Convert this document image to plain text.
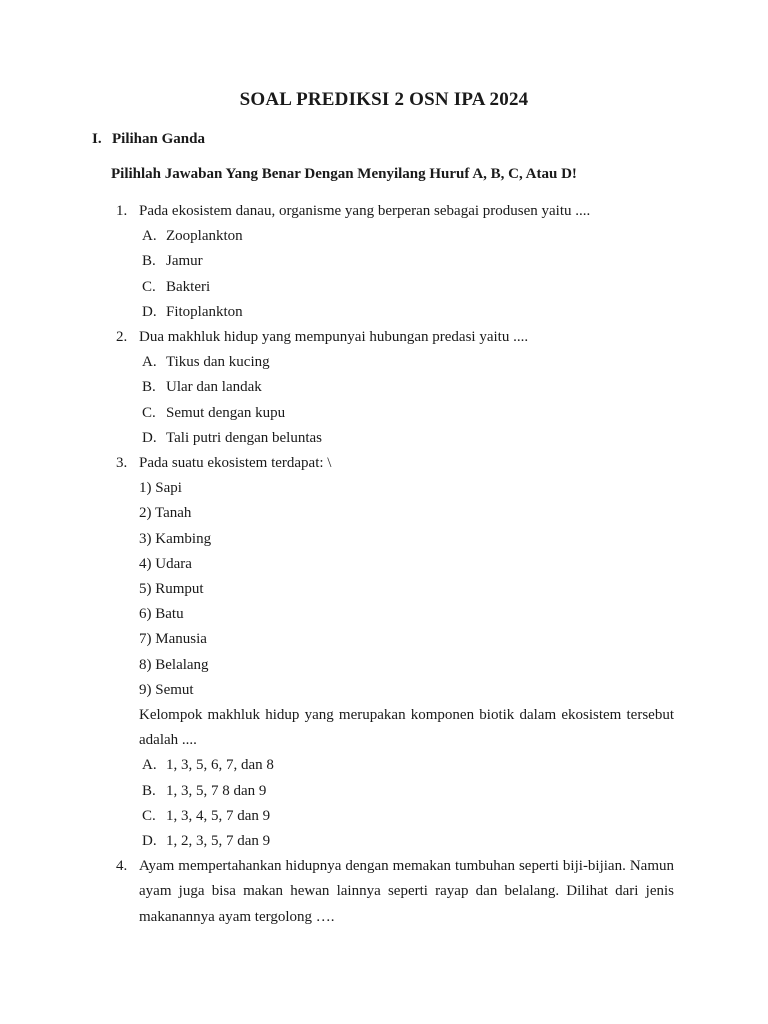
SOAL PREDIKSI 2 OSN IPA 2024
I. Pilihan Ganda
Pilihlah Jawaban Yang Benar Dengan Menyilang Huruf A, B, C, Atau D!
1. Pada ekosistem danau, organisme yang berperan sebagai produsen yaitu ....
A. Zooplankton
B. Jamur
C. Bakteri
D. Fitoplankton
2. Dua makhluk hidup yang mempunyai hubungan predasi yaitu ....
A. Tikus dan kucing
B. Ular dan landak
C. Semut dengan kupu
D. Tali putri dengan beluntas
3. Pada suatu ekosistem terdapat: \
1) Sapi
2) Tanah
3) Kambing
4) Udara
5) Rumput
6) Batu
7) Manusia
8) Belalang
9) Semut
Kelompok makhluk hidup yang merupakan komponen biotik dalam ekosistem tersebut adalah ....
A. 1, 3, 5, 6, 7, dan 8
B. 1, 3, 5, 7 8 dan 9
C. 1, 3, 4, 5, 7 dan 9
D. 1, 2, 3, 5, 7 dan 9
4. Ayam mempertahankan hidupnya dengan memakan tumbuhan seperti biji-bijian. Namun ayam juga bisa makan hewan lainnya seperti rayap dan belalang. Dilihat dari jenis makanannya ayam tergolong ….
